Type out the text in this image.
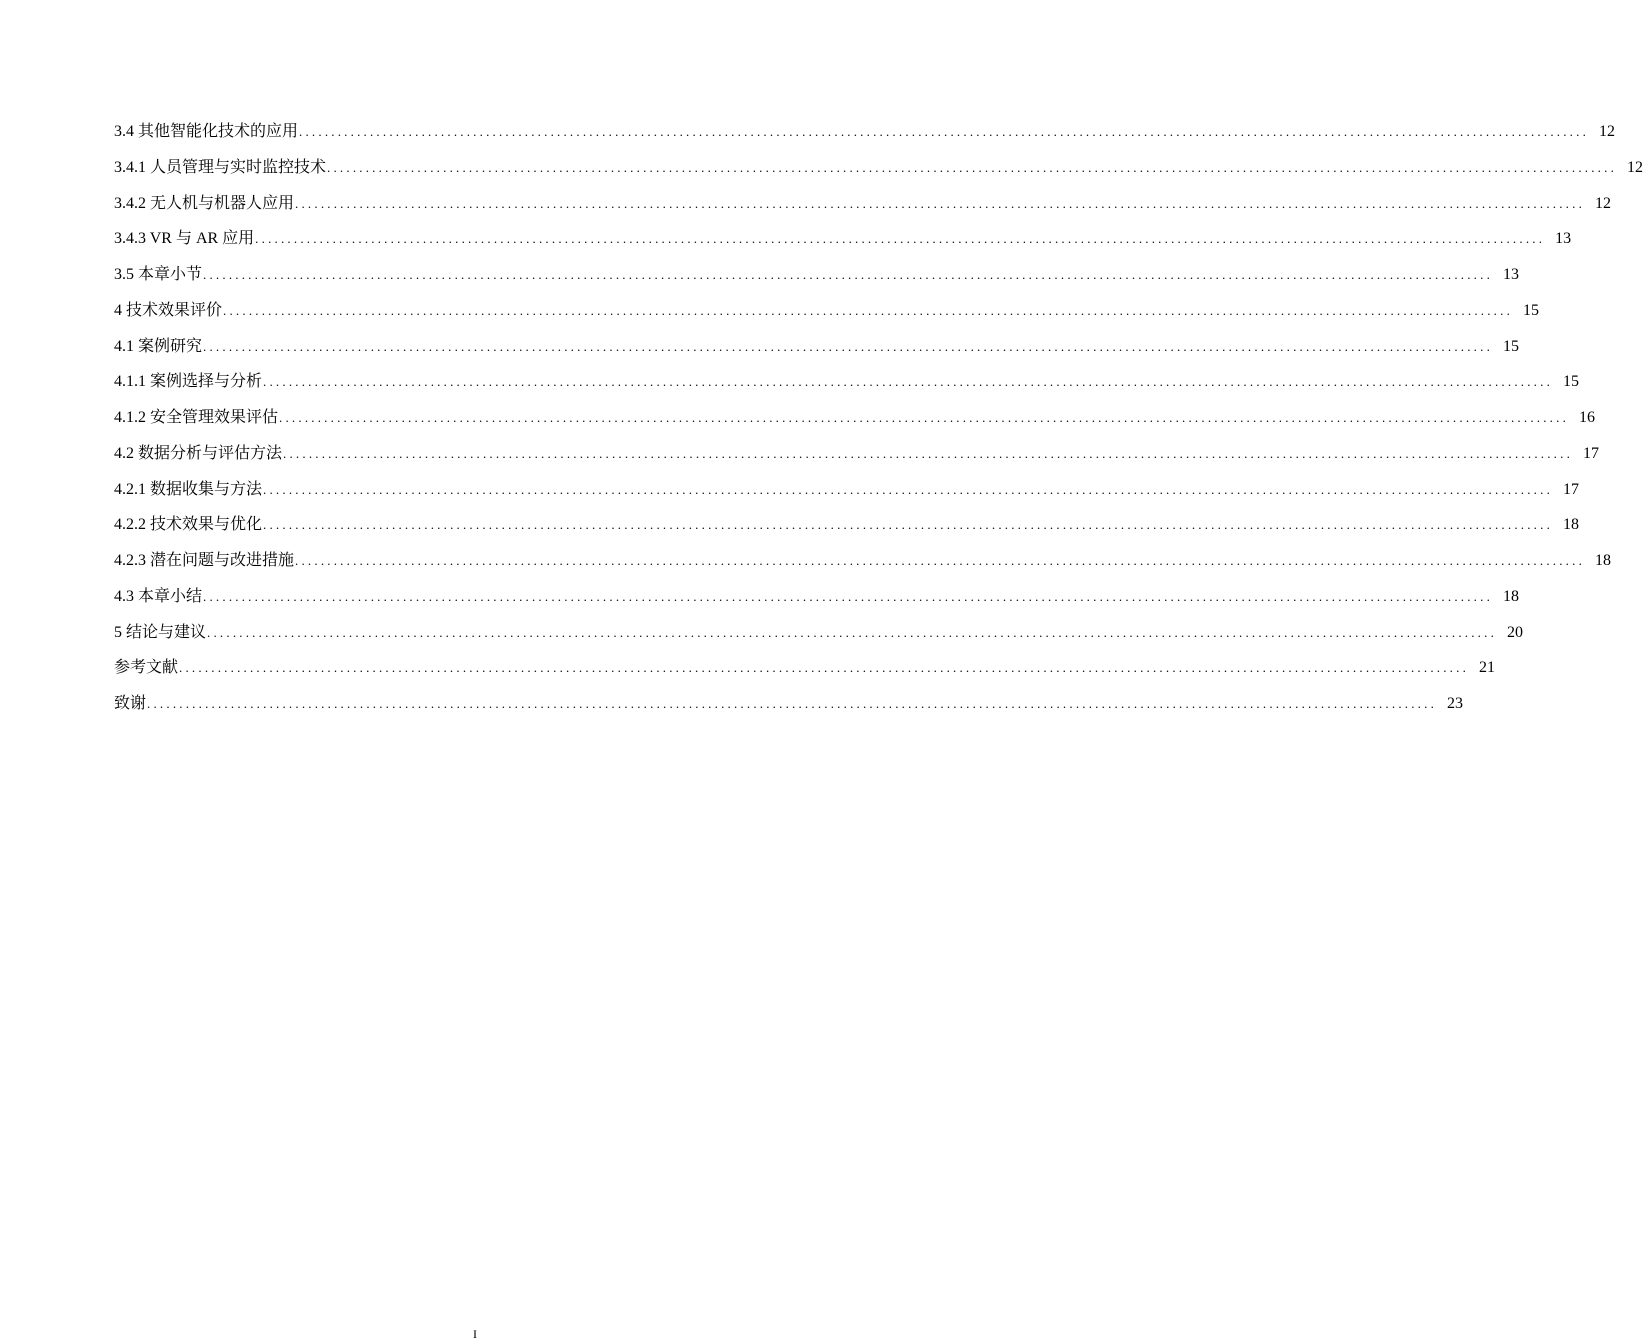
3.4 其他智能化技术的应用 ........................................................................................................................................................................................................ 12
3.4.1 人员管理与实时监控技术 ........................................................................................................................................................................................................ 12
3.4.2 无人机与机器人应用 ........................................................................................................................................................................................................ 12
3.4.3 VR 与 AR 应用 ........................................................................................................................................................................................................ 13
3.5 本章小节 ........................................................................................................................................................................................................ 13
4 技术效果评价 ........................................................................................................................................................................................................ 15
4.1 案例研究 ........................................................................................................................................................................................................ 15
4.1.1 案例选择与分析 ........................................................................................................................................................................................................ 15
4.1.2 安全管理效果评估 ........................................................................................................................................................................................................ 16
4.2 数据分析与评估方法 ........................................................................................................................................................................................................ 17
4.2.1 数据收集与方法 ........................................................................................................................................................................................................ 17
4.2.2 技术效果与优化 ........................................................................................................................................................................................................ 18
4.2.3 潜在问题与改进措施 ........................................................................................................................................................................................................ 18
4.3 本章小结 ........................................................................................................................................................................................................ 18
5 结论与建议 ........................................................................................................................................................................................................ 20
参考文献 ........................................................................................................................................................................................................ 21
致谢 ........................................................................................................................................................................................................ 23
I
